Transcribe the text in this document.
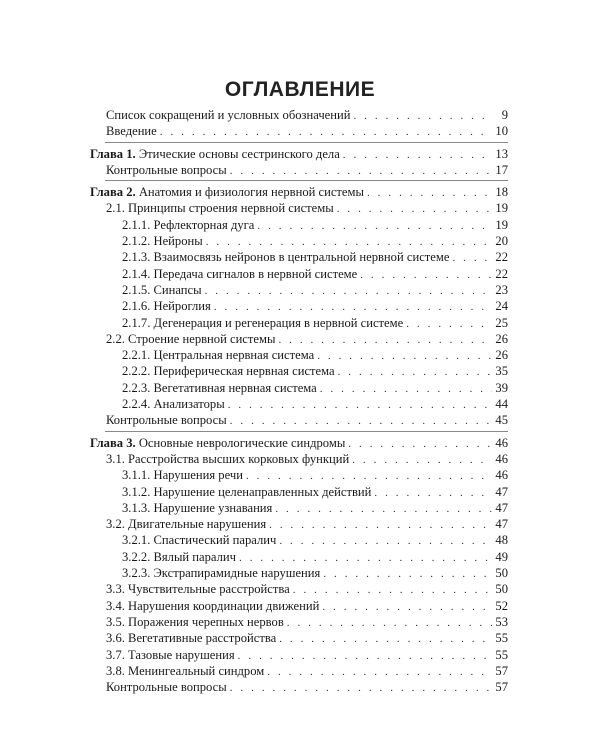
ОГЛАВЛЕНИЕ
Список сокращений и условных обозначений . . .	9
Введение . . .	10
Глава 1. Этические основы сестринского дела . . .	13
Контрольные вопросы . . .	17
Глава 2. Анатомия и физиология нервной системы . . .	18
2.1. Принципы строения нервной системы . . .	19
2.1.1. Рефлекторная дуга . . .	19
2.1.2. Нейроны . . .	20
2.1.3. Взаимосвязь нейронов в центральной нервной системе . . .	22
2.1.4. Передача сигналов в нервной системе . . .	22
2.1.5. Синапсы . . .	23
2.1.6. Нейроглия . . .	24
2.1.7. Дегенерация и регенерация в нервной системе . . .	25
2.2. Строение нервной системы . . .	26
2.2.1. Центральная нервная система . . .	26
2.2.2. Периферическая нервная система . . .	35
2.2.3. Вегетативная нервная система . . .	39
2.2.4. Анализаторы . . .	44
Контрольные вопросы . . .	45
Глава 3. Основные неврологические синдромы . . .	46
3.1. Расстройства высших корковых функций . . .	46
3.1.1. Нарушения речи . . .	46
3.1.2. Нарушение целенаправленных действий . . .	47
3.1.3. Нарушение узнавания . . .	47
3.2. Двигательные нарушения . . .	47
3.2.1. Спастический паралич . . .	48
3.2.2. Вялый паралич . . .	49
3.2.3. Экстрапирамидные нарушения . . .	50
3.3. Чувствительные расстройства . . .	50
3.4. Нарушения координации движений . . .	52
3.5. Поражения черепных нервов . . .	53
3.6. Вегетативные расстройства . . .	55
3.7. Тазовые нарушения . . .	55
3.8. Менингеальный синдром . . .	57
Контрольные вопросы . . .	57
